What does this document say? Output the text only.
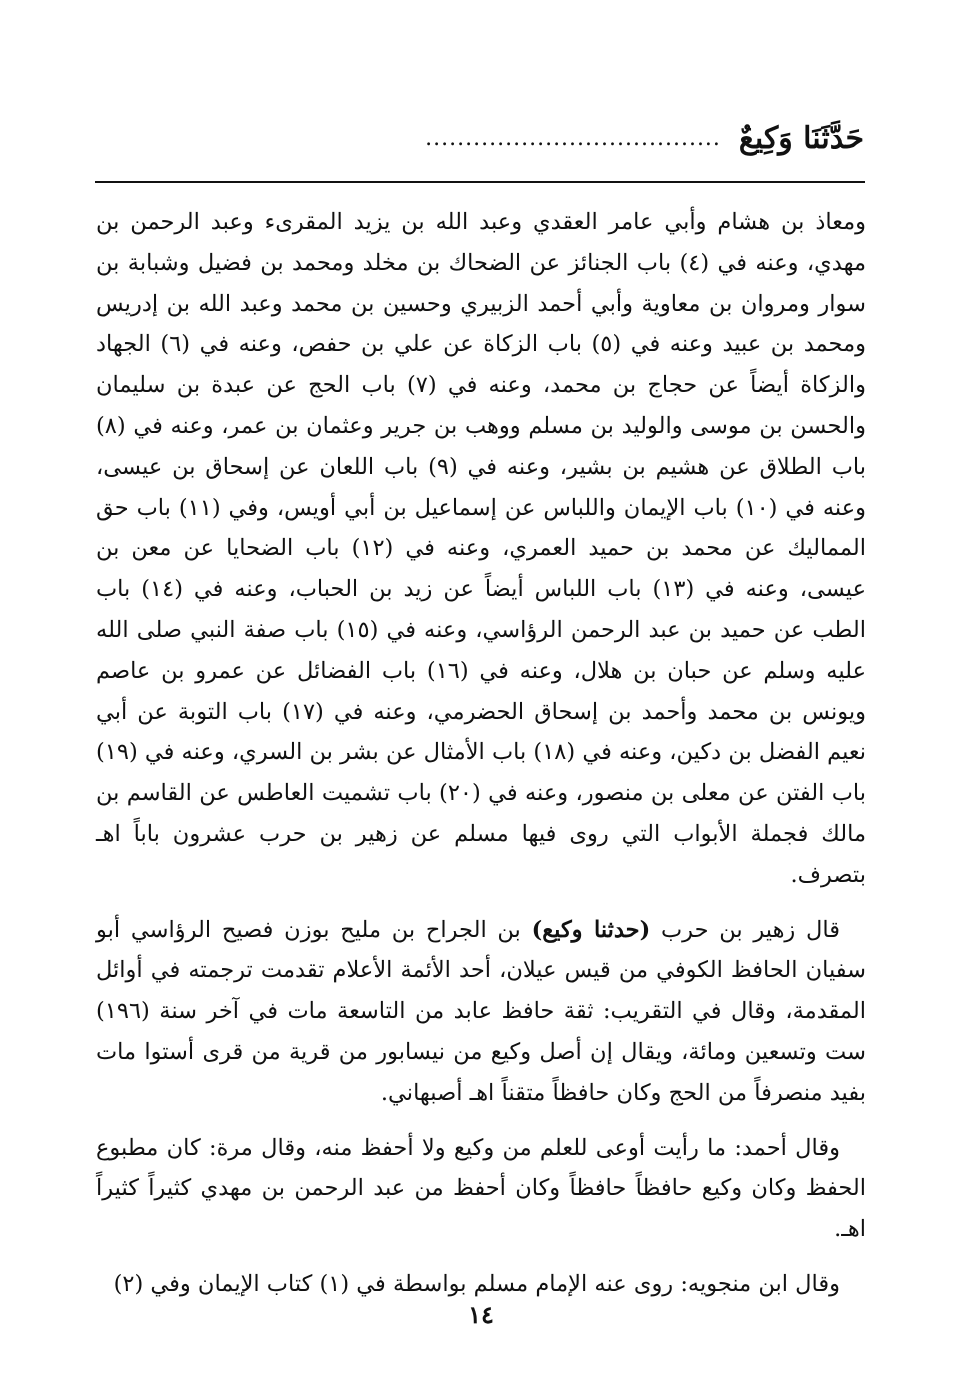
حَدَّثَنَا وَكِيعٌ
.....................................

ومعاذ بن هشام وأبي عامر العقدي وعبد الله بن يزيد المقرىء وعبد الرحمن بن مهدي، وعنه في (٤) باب الجنائز عن الضحاك بن مخلد ومحمد بن فضيل وشبابة بن سوار ومروان بن معاوية وأبي أحمد الزبيري وحسين بن محمد وعبد الله بن إدريس ومحمد بن عبيد وعنه في (٥) باب الزكاة عن علي بن حفص، وعنه في (٦) الجهاد والزكاة أيضاً عن حجاج بن محمد، وعنه في (٧) باب الحج عن عبدة بن سليمان والحسن بن موسى والوليد بن مسلم ووهب بن جرير وعثمان بن عمر، وعنه في (٨) باب الطلاق عن هشيم بن بشير، وعنه في (٩) باب اللعان عن إسحاق بن عيسى، وعنه في (١٠) باب الإيمان واللباس عن إسماعيل بن أبي أويس، وفي (١١) باب حق المماليك عن محمد بن حميد العمري، وعنه في (١٢) باب الضحايا عن معن بن عيسى، وعنه في (١٣) باب اللباس أيضاً عن زيد بن الحباب، وعنه في (١٤) باب الطب عن حميد بن عبد الرحمن الرؤاسي، وعنه في (١٥) باب صفة النبي صلى الله عليه وسلم عن حبان بن هلال، وعنه في (١٦) باب الفضائل عن عمرو بن عاصم ويونس بن محمد وأحمد بن إسحاق الحضرمي، وعنه في (١٧) باب التوبة عن أبي نعيم الفضل بن دكين، وعنه في (١٨) باب الأمثال عن بشر بن السري، وعنه في (١٩) باب الفتن عن معلى بن منصور، وعنه في (٢٠) باب تشميت العاطس عن القاسم بن مالك فجملة الأبواب التي روى فيها مسلم عن زهير بن حرب عشرون باباً اهـ بتصرف.

قال زهير بن حرب (حدثنا وكيع) بن الجراح بن مليح بوزن فصيح الرؤاسي أبو سفيان الحافظ الكوفي من قيس عيلان، أحد الأئمة الأعلام تقدمت ترجمته في أوائل المقدمة، وقال في التقريب: ثقة حافظ عابد من التاسعة مات في آخر سنة (١٩٦) ست وتسعين ومائة، ويقال إن أصل وكيع من نيسابور من قرية من قرى أستوا مات بفيد منصرفاً من الحج وكان حافظاً متقناً اهـ أصبهاني.

وقال أحمد: ما رأيت أوعى للعلم من وكيع ولا أحفظ منه، وقال مرة: كان مطبوع الحفظ وكان وكيع حافظاً حافظاً وكان أحفظ من عبد الرحمن بن مهدي كثيراً كثيراً اهـ.

وقال ابن منجويه: روى عنه الإمام مسلم بواسطة في (١) كتاب الإيمان وفي (٢)

١٤
